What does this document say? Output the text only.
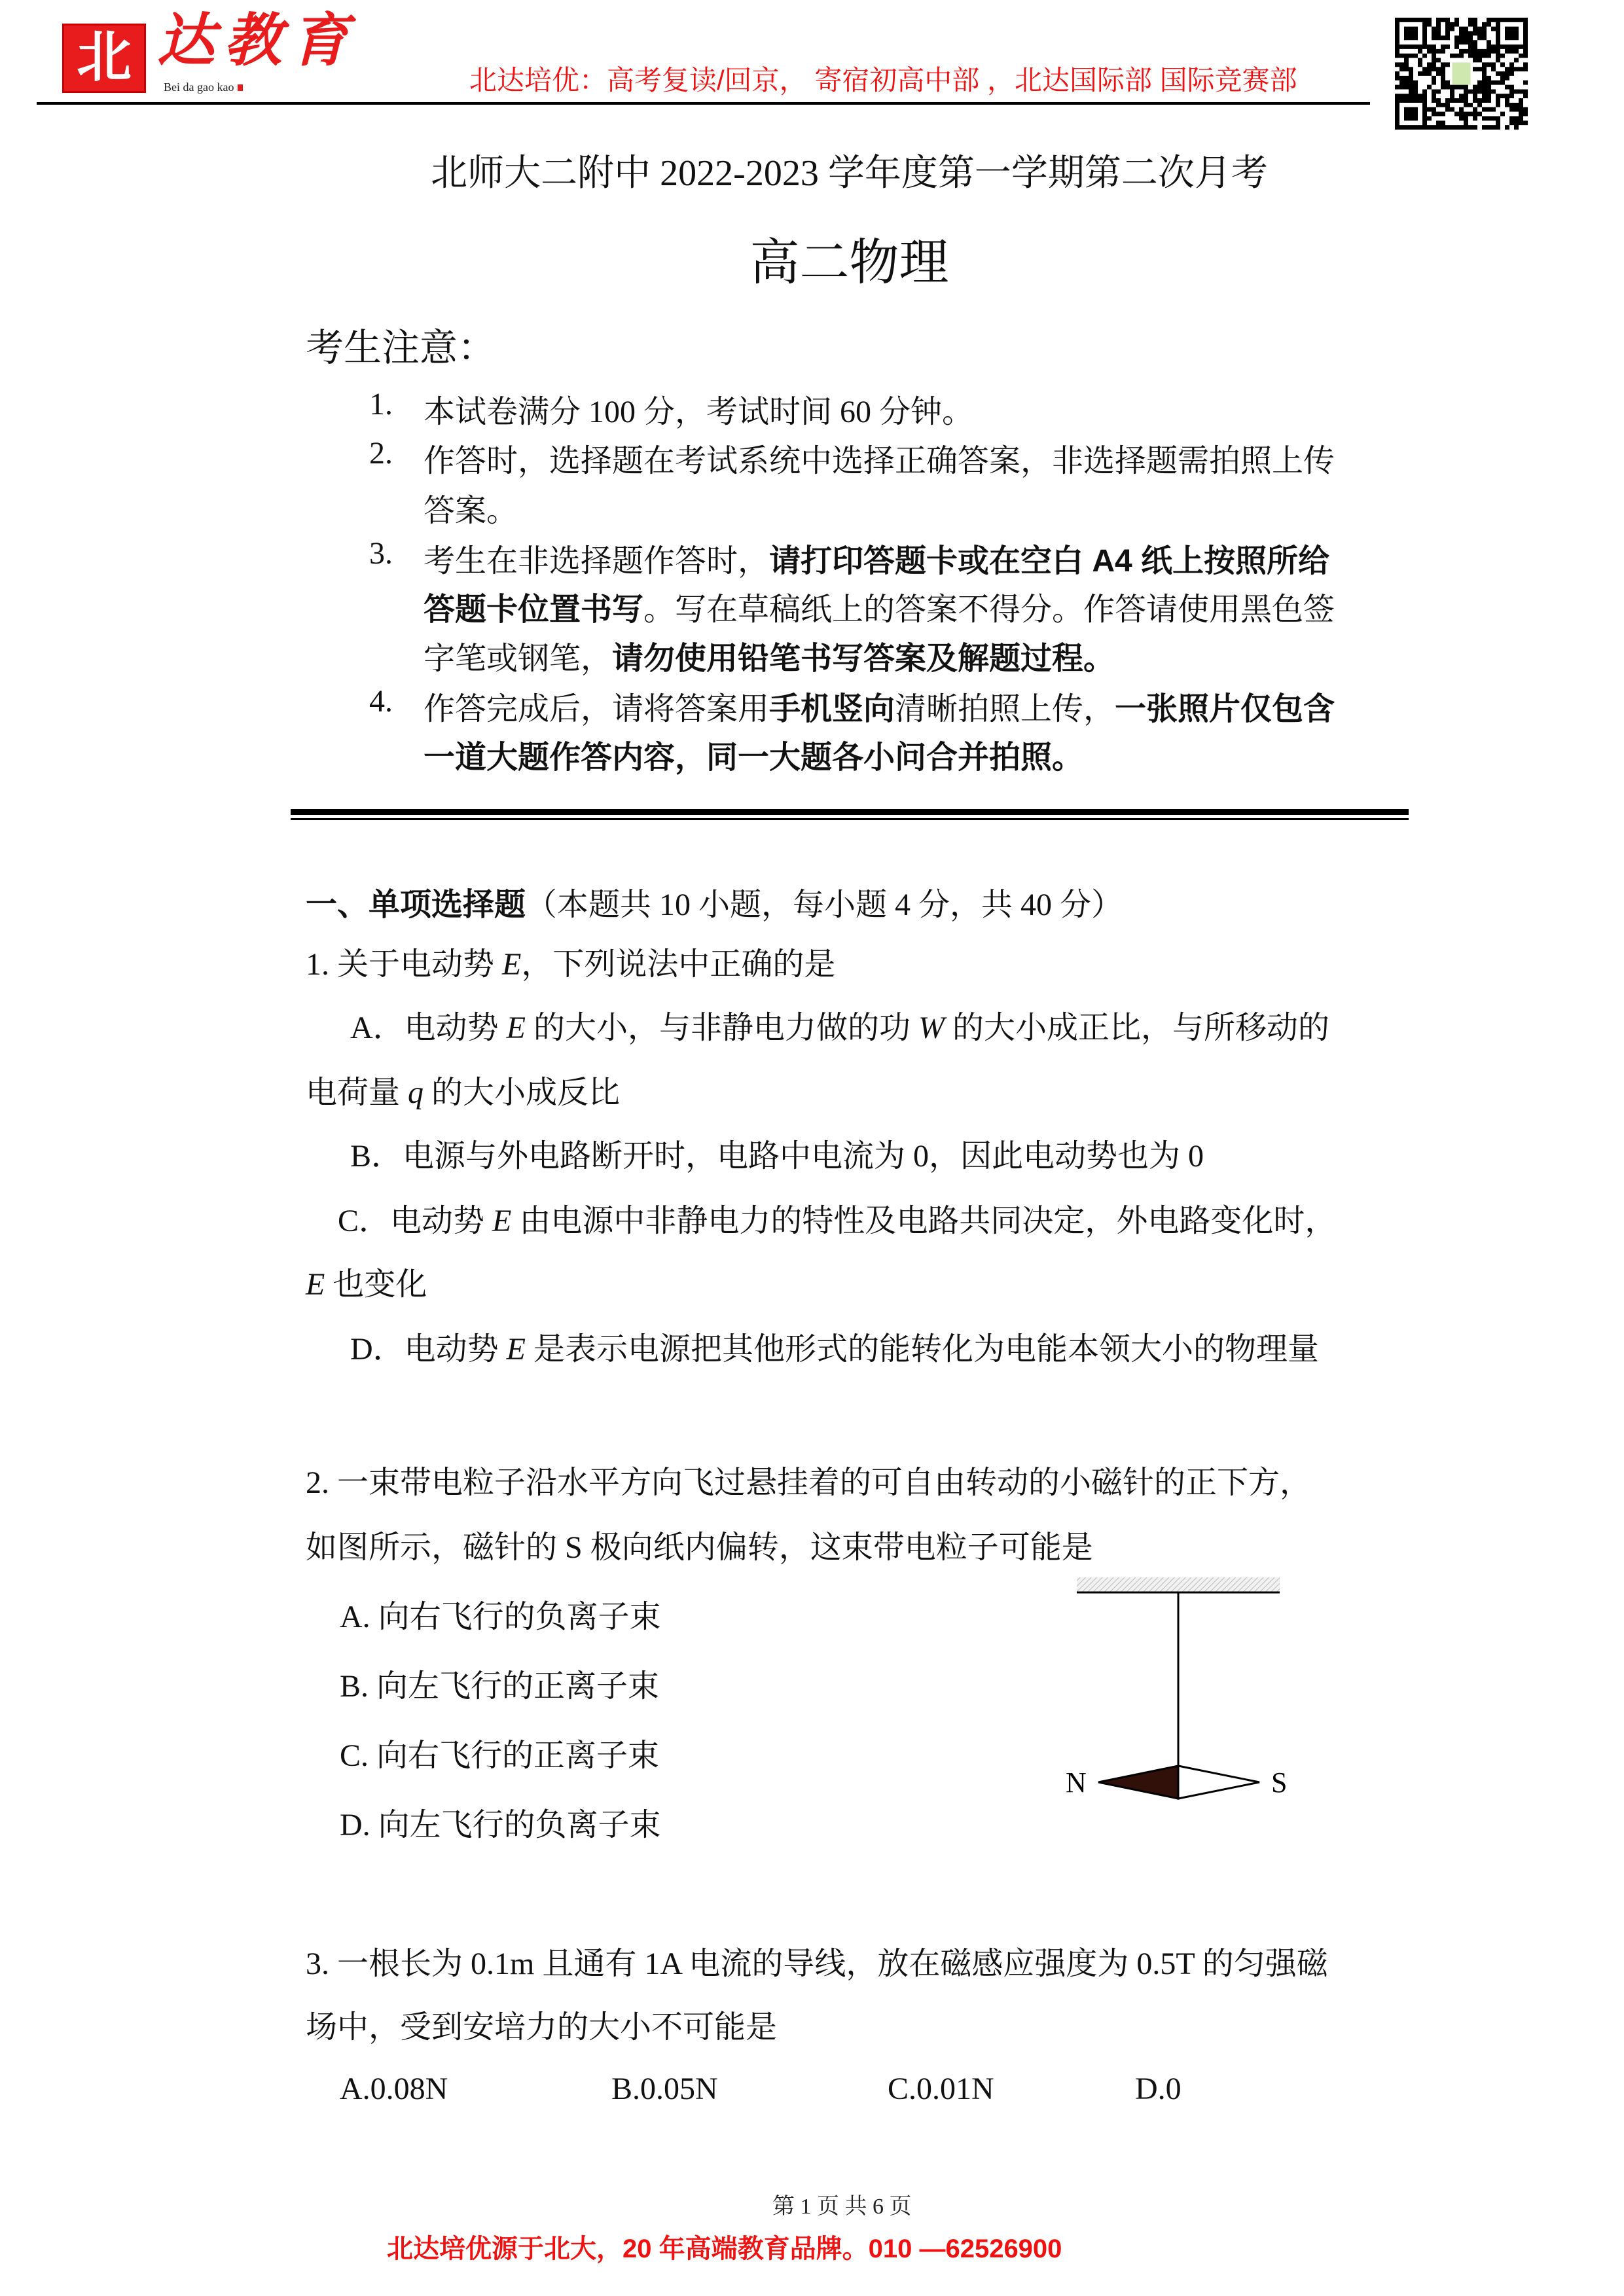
北 达教育
Bei da gao kao	北达培优：高考复读/回京， 寄宿初高中部 ，北达国际部 国际竞赛部
北师大二附中 2022-2023 学年度第一学期第二次月考
高二物理
考生注意：
1. 本试卷满分 100 分，考试时间 60 分钟。
2. 作答时，选择题在考试系统中选择正确答案，非选择题需拍照上传
答案。
3. 考生在非选择题作答时，请打印答题卡或在空白 A4 纸上按照所给
答题卡位置书写。写在草稿纸上的答案不得分。作答请使用黑色签
字笔或钢笔，请勿使用铅笔书写答案及解题过程。
4. 作答完成后，请将答案用手机竖向清晰拍照上传，一张照片仅包含
一道大题作答内容，同一大题各小问合并拍照。
一、单项选择题（本题共 10 小题，每小题 4 分，共 40 分）
1. 关于电动势 E，下列说法中正确的是
A．电动势 E 的大小，与非静电力做的功 W 的大小成正比，与所移动的
电荷量 q 的大小成反比
B．电源与外电路断开时，电路中电流为 0，因此电动势也为 0
C．电动势 E 由电源中非静电力的特性及电路共同决定，外电路变化时，
E 也变化
D．电动势 E 是表示电源把其他形式的能转化为电能本领大小的物理量
2. 一束带电粒子沿水平方向飞过悬挂着的可自由转动的小磁针的正下方，
如图所示，磁针的 S 极向纸内偏转，这束带电粒子可能是
A. 向右飞行的负离子束
B. 向左飞行的正离子束
C. 向右飞行的正离子束
D. 向左飞行的负离子束
N	S
3. 一根长为 0.1m 且通有 1A 电流的导线，放在磁感应强度为 0.5T 的匀强磁
场中，受到安培力的大小不可能是
A.0.08N	B.0.05N	C.0.01N	D.0
第 1 页 共 6 页
北达培优源于北大，20 年高端教育品牌。010 —62526900
